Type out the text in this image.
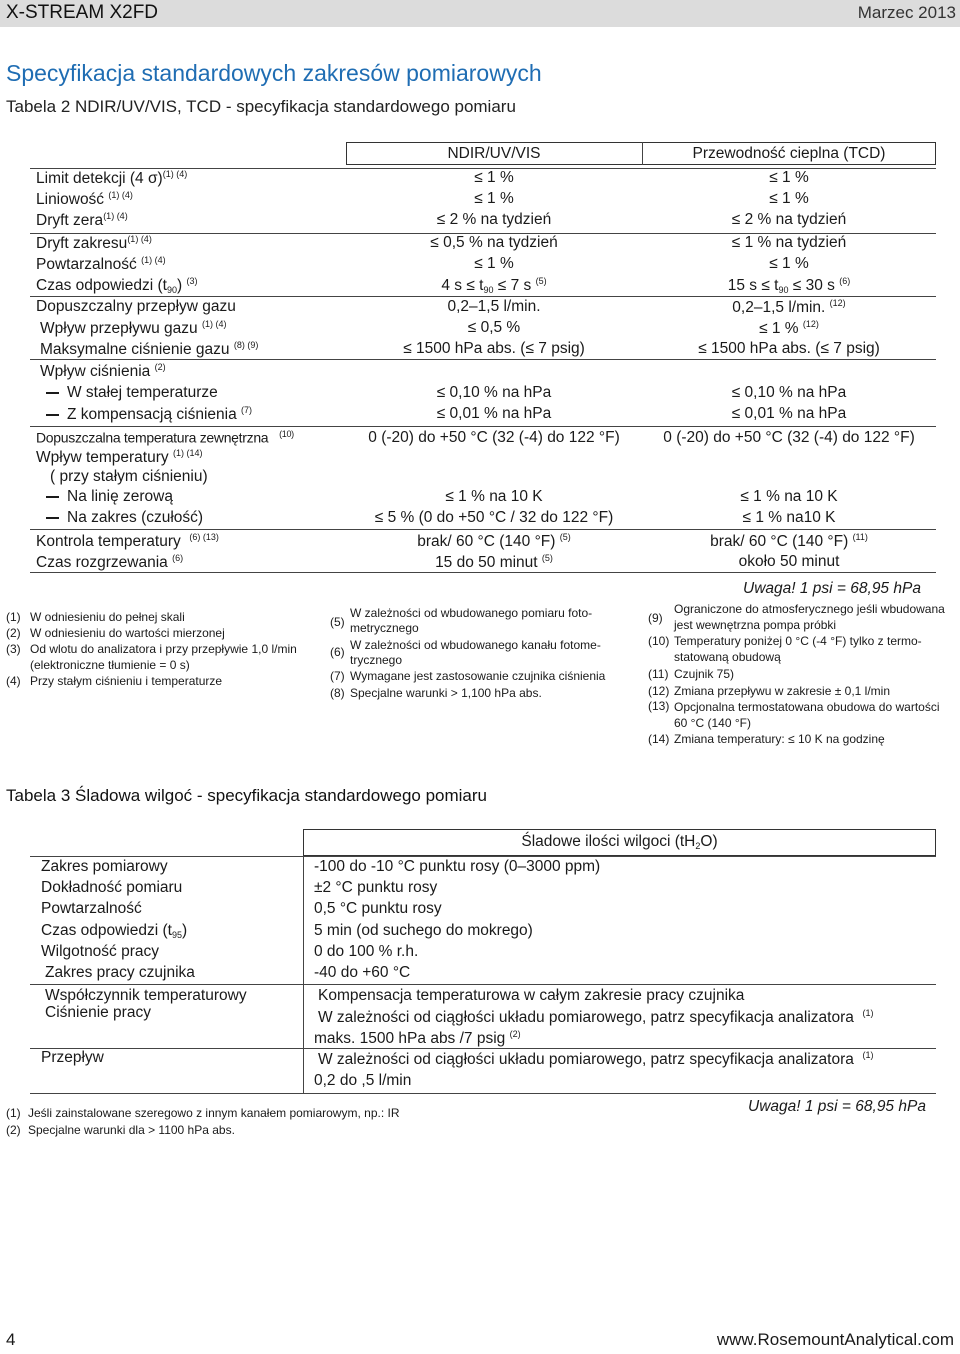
X-STREAM X2FD	Marzec 2013
Specyfikacja standardowych zakresów pomiarowych
Tabela 2 NDIR/UV/VIS, TCD - specyfikacja standardowego pomiaru
NDIR/UV/VIS	Przewodność cieplna (TCD)
Limit detekcji (4 σ)$^{(1) (4)}$	≤ 1 %	≤ 1 %
Liniowość $^{(1) (4)}$	≤ 1 %	≤ 1 %
Dryft zera$^{(1) (4)}$	≤ 2 % na tydzień	≤ 2 % na tydzień
Dryft zakresu$^{(1) (4)}$	≤ 0,5 % na tydzień	≤ 1 % na tydzień
Powtarzalność $^{(1) (4)}$	≤ 1 %	≤ 1 %
Czas odpowiedzi $(t_{90})$ $^{(3)}$	4 $s \le t_{90} \le 7$ s $^{(5)}$	15 $s \le t_{90} \le 30$ s $^{(6)}$
Dopuszczalny przepływ gazu	0,2–1,5 l/min.	0,2–1,5 l/min. $^{(12)}$
Wpływ przepływu gazu $^{(1) (4)}$	≤ 0,5 %	≤ 1 % $^{(12)}$
Maksymalne ciśnienie gazu $^{(8) (9)}$	≤ 1500 hPa abs. (≤ 7 psig)	≤ 1500 hPa abs. (≤ 7 psig)
Wpływ ciśnienia $^{(2)}$
W stałej temperaturze	≤ 0,10 % na hPa	≤ 0,10 % na hPa
Z kompensacją ciśnienia $^{(7)}$	≤ 0,01 % na hPa	≤ 0,01 % na hPa
Dopuszczalna temperatura zewnętrzna $^{(10)}$	0 (-20) do +50 °C (32 (-4) do 122 °F)	0 (-20) do +50 °C (32 (-4) do 122 °F)
Wpływ temperatury $^{(1) (14)}$
( przy stałym ciśnieniu)
Na linię zerową	≤ 1 % na 10 K	≤ 1 % na 10 K
Na zakres (czułość)	≤ 5 % (0 do +50 °C / 32 do 122 °F)	≤ 1 % na10 K
Kontrola temperatury $^{(6) (13)}$	brak/ 60 °C (140 °F) $^{(5)}$	brak/ 60 °C (140 °F) $^{(11)}$
Czas rozgrzewania $^{(6)}$	15 do 50 minut $^{(5)}$	około 50 minut
Uwaga! 1 psi = 68,95 hPa
(1) W odniesieniu do pełnej skali
(2) W odniesieniu do wartości mierzonej
(3) Od wlotu do analizatora i przy przepływie 1,0 l/min
(elektroniczne tłumienie = 0 s)
(4) Przy stałym ciśnieniu i temperaturze
(5)
W zależności od wbudowanego pomiaru foto-
metrycznego
(6) W zależności od wbudowanego kanału fotome-
trycznego
(7) Wymagane jest zastosowanie czujnika ciśnienia
(8) Specjalne warunki > 1,100 hPa abs.
(9)
Ograniczone do atmosferycznego jeśli wbudowana
jest wewnętrzna pompa próbki
(10) Temperatury poniżej 0 °C (-4 °F) tylko z termo-
statowaną obudową
(11) Czujnik 75)
(12) Zmiana przepływu w zakresie ± 0,1 l/min
(13) Opcjonalna termostatowana obudowa do wartości
60 °C (140 °F)
(14) Zmiana temperatury: ≤ 10 K na godzinę
Tabela 3 Śladowa wilgoć - specyfikacja standardowego pomiaru
Śladowe ilości wilgoci $(tH_2O)$
Zakres pomiarowy	-100 do -10 °C punktu rosy (0–3000 ppm)
Dokładność pomiaru	±2 °C punktu rosy
Powtarzalność	0,5 °C punktu rosy
Czas odpowiedzi $(t_{95})$	5 min (od suchego do mokrego)
Wilgotność pracy	0 do 100 % r.h.
Zakres pracy czujnika	-40 do +60 °C
Współczynnik temperaturowy	Kompensacja temperaturowa w całym zakresie pracy czujnika
Ciśnienie pracy	W zależności od ciągłości układu pomiarowego, patrz specyfikacja analizatora $^{(1)}$
maks. 1500 hPa abs /7 psig $^{(2)}$
Przepływ	W zależności od ciągłości układu pomiarowego, patrz specyfikacja analizatora $^{(1)}$
0,2 do ,5 l/min
Uwaga! 1 psi = 68,95 hPa
(1) Jeśli zainstalowane szeregowo z innym kanałem pomiarowym, np.: IR
(2) Specjalne warunki dla > 1100 hPa abs.
4	www.RosemountAnalytical.com
